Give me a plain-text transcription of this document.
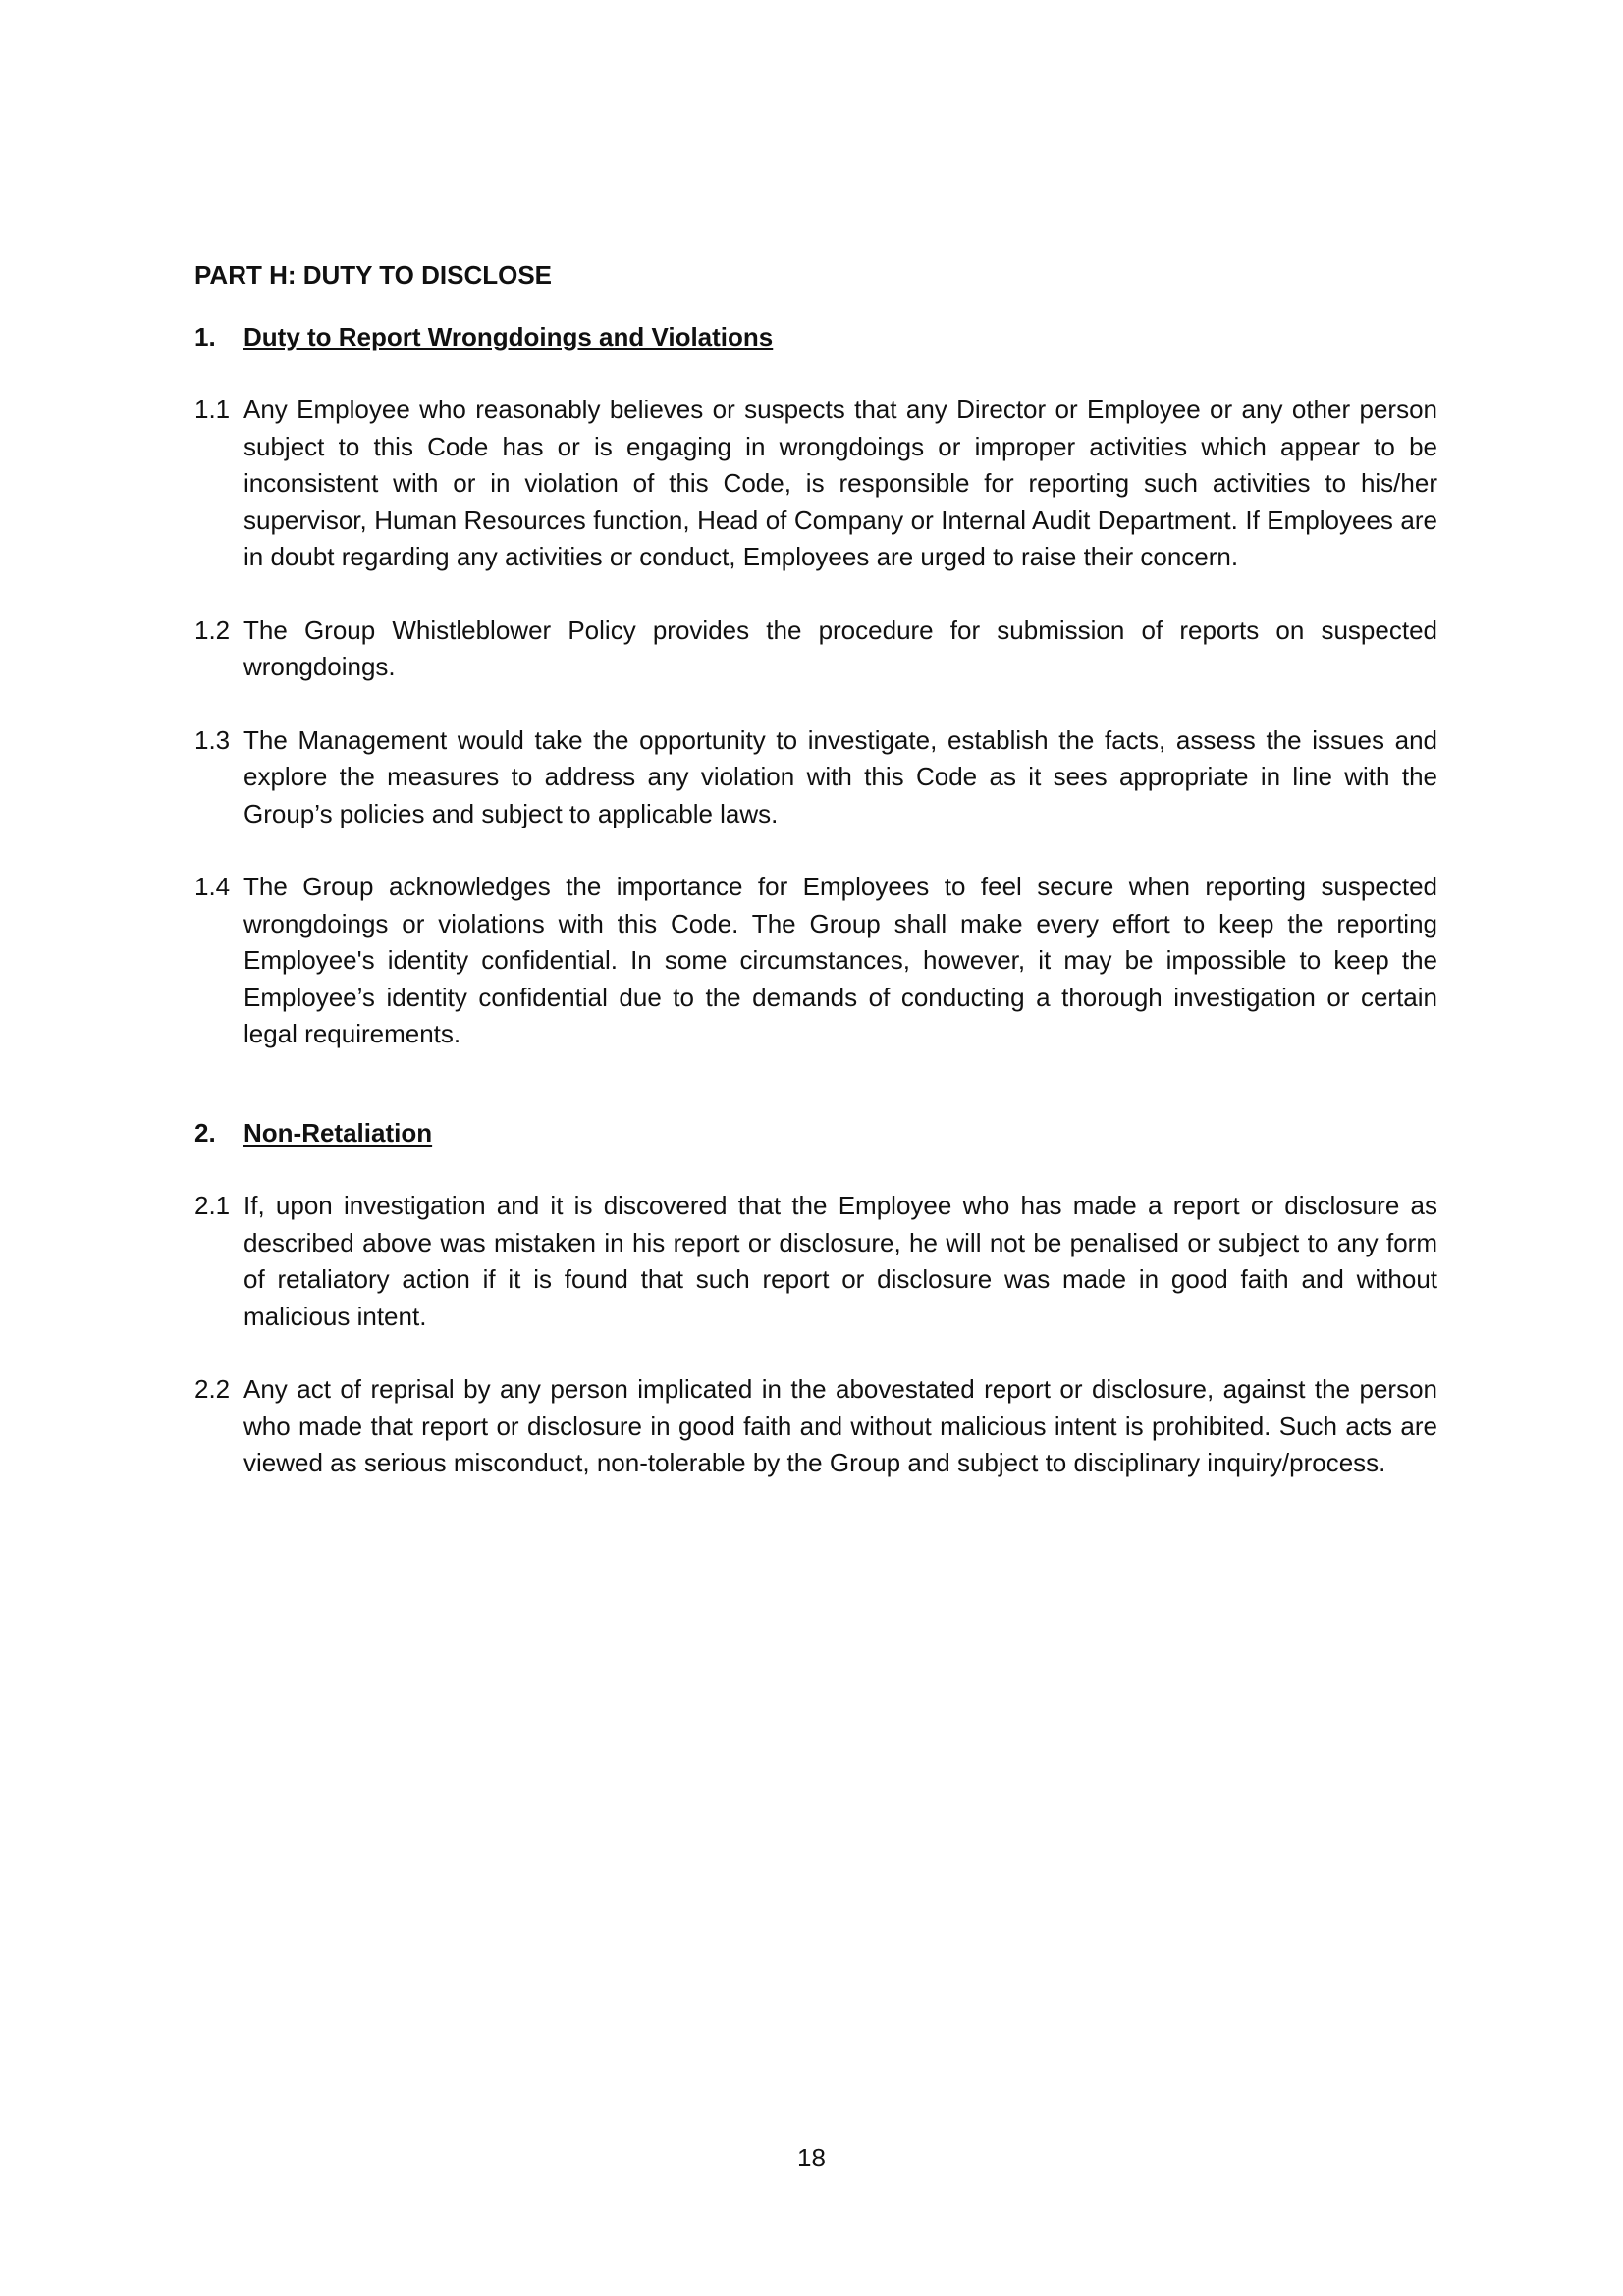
PART H: DUTY TO DISCLOSE
1.	Duty to Report Wrongdoings and Violations
1.1 Any Employee who reasonably believes or suspects that any Director or Employee or any other person subject to this Code has or is engaging in wrongdoings or improper activities which appear to be inconsistent with or in violation of this Code, is responsible for reporting such activities to his/her supervisor, Human Resources function, Head of Company or Internal Audit Department. If Employees are in doubt regarding any activities or conduct, Employees are urged to raise their concern.
1.2 The Group Whistleblower Policy provides the procedure for submission of reports on suspected wrongdoings.
1.3 The Management would take the opportunity to investigate, establish the facts, assess the issues and explore the measures to address any violation with this Code as it sees appropriate in line with the Group’s policies and subject to applicable laws.
1.4 The Group acknowledges the importance for Employees to feel secure when reporting suspected wrongdoings or violations with this Code. The Group shall make every effort to keep the reporting Employee's identity confidential. In some circumstances, however, it may be impossible to keep the Employee’s identity confidential due to the demands of conducting a thorough investigation or certain legal requirements.
2.	Non-Retaliation
2.1 If, upon investigation and it is discovered that the Employee who has made a report or disclosure as described above was mistaken in his report or disclosure, he will not be penalised or subject to any form of retaliatory action if it is found that such report or disclosure was made in good faith and without malicious intent.
2.2 Any act of reprisal by any person implicated in the abovestated report or disclosure, against the person who made that report or disclosure in good faith and without malicious intent is prohibited. Such acts are viewed as serious misconduct, non-tolerable by the Group and subject to disciplinary inquiry/process.
18
